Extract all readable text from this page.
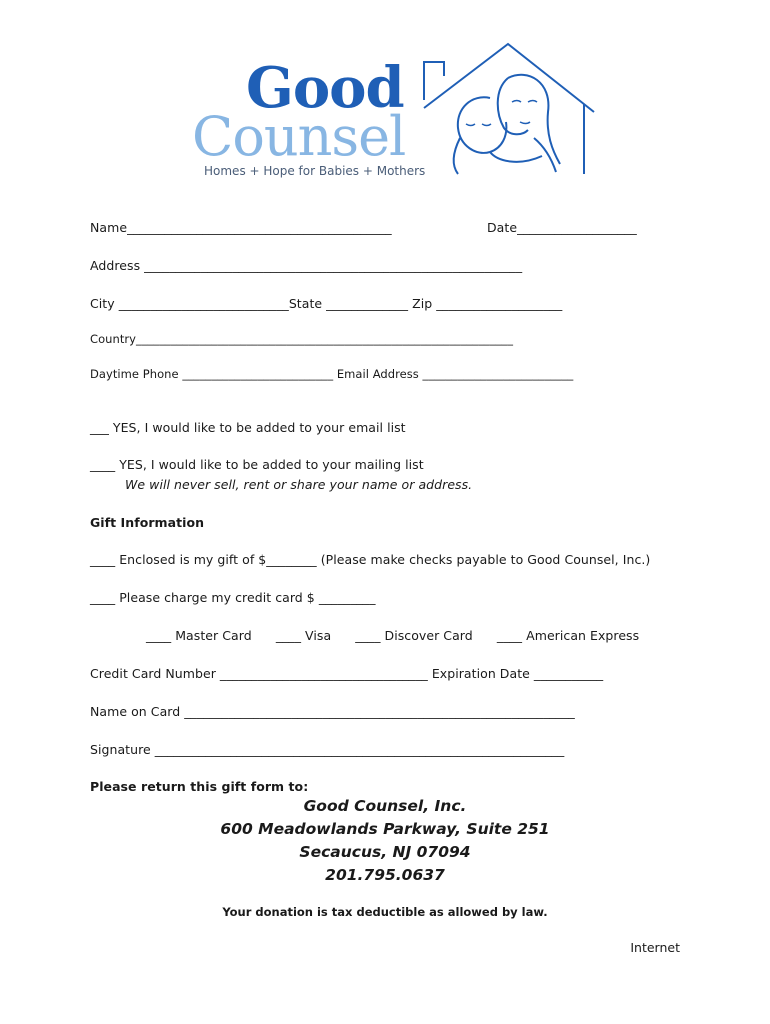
Good
Counsel
Homes + Hope for Babies + Mothers
Name__________________________________________	Date___________________
Address ____________________________________________________________
City ___________________________State _____________ Zip ____________________
Country_________________________________________________________________
Daytime Phone __________________________ Email Address __________________________
___ YES, I would like to be added to your email list
____ YES, I would like to be added to your mailing list
We will never sell, rent or share your name or address.
Gift Information
____ Enclosed is my gift of $________ (Please make checks payable to Good Counsel, Inc.)
____ Please charge my credit card $ _________
____ Master Card      ____ Visa      ____ Discover Card      ____ American Express
Credit Card Number _________________________________ Expiration Date ___________
Name on Card ______________________________________________________________
Signature _________________________________________________________________
Please return this gift form to:
Good Counsel, Inc.
600 Meadowlands Parkway, Suite 251
Secaucus, NJ 07094
201.795.0637
Your donation is tax deductible as allowed by law.
Internet
